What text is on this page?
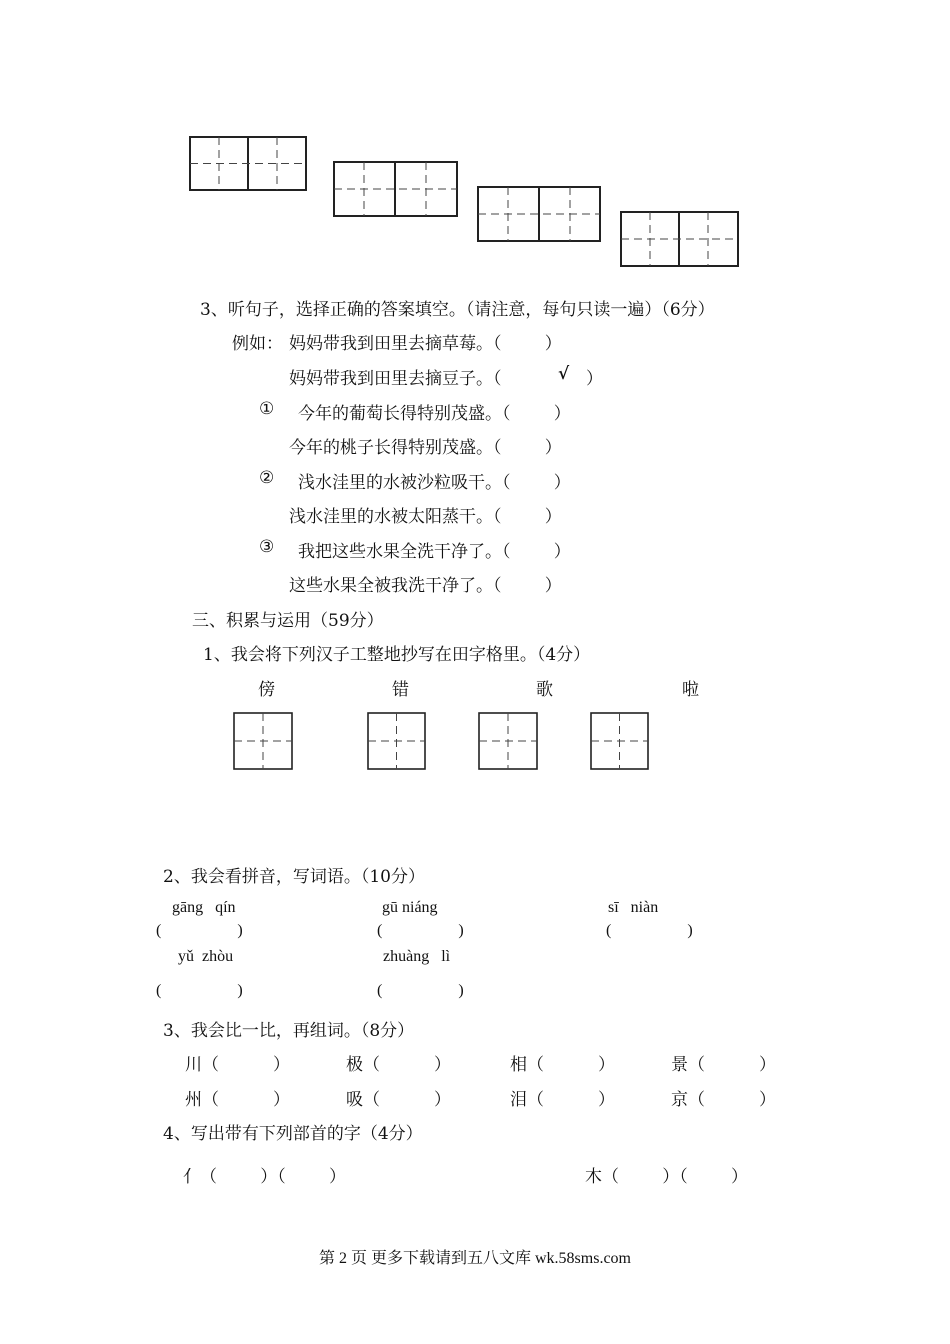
3、听句子，选择正确的答案填空。（请注意，每句只读一遍）（6分）
例如： 妈妈带我到田里去摘草莓。（        ）
妈妈带我到田里去摘豆子。（	√ ）
① 今年的葡萄长得特别茂盛。（        ）
今年的桃子长得特别茂盛。（        ）
② 浅水洼里的水被沙粒吸干。（        ）
浅水洼里的水被太阳蒸干。（        ）
③ 我把这些水果全洗干净了。（        ）
这些水果全被我洗干净了。（        ）
三、积累与运用（59分）
1、我会将下列汉子工整地抄写在田字格里。（4分）
傍	错	歌	啦
2、我会看拼音，写词语。（10分）
gāng   qín	gū niáng	sī   niàn
(                   )	(                   )	(                   )
yǔ  zhòu	zhuàng   lì
(                   )	(                   )
3、我会比一比，再组词。（8分）
川（          ）	极（          ）	相（          ）	景（          ）
州（          ）	吸（          ）	泪（          ）	京（          ）
4、写出带有下列部首的字（4分）
亻（        ）（        ）	木（        ）（        ）
第 2 页 更多下载请到五八文库 wk.58sms.com
